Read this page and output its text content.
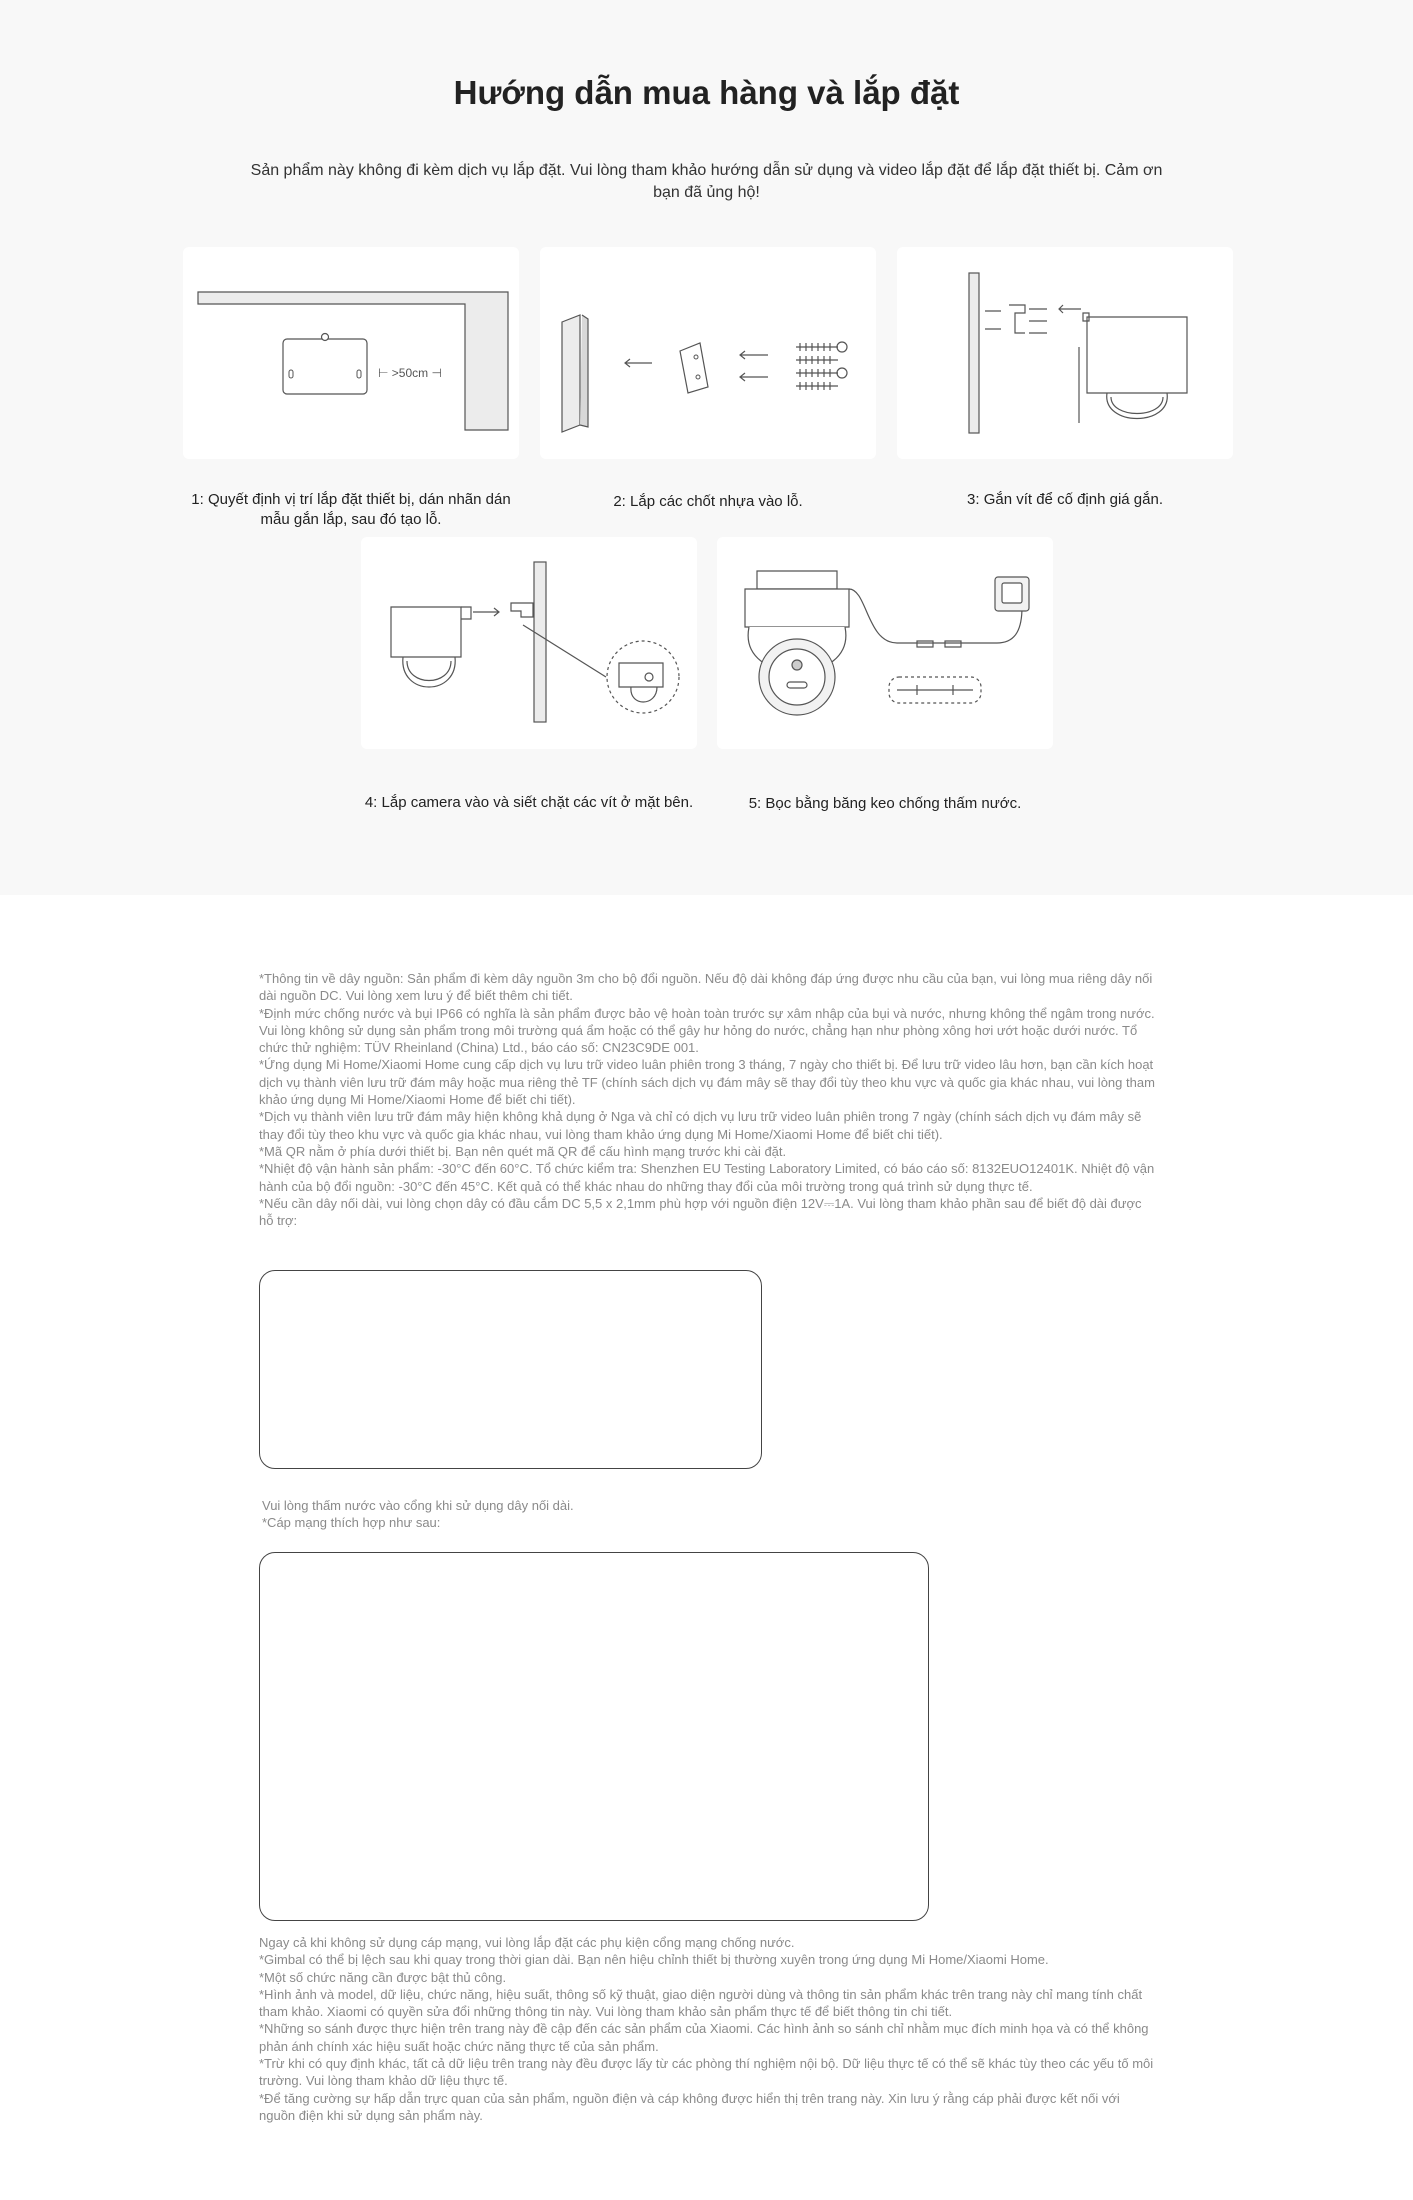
Hướng dẫn mua hàng và lắp đặt

Sản phẩm này không đi kèm dịch vụ lắp đặt. Vui lòng tham khảo hướng dẫn sử dụng và video lắp đặt để lắp đặt thiết bị. Cảm ơn bạn đã ủng hộ!

⊢ >50cm ⊣
1: Quyết định vị trí lắp đặt thiết bị, dán nhãn dán mẫu gắn lắp, sau đó tạo lỗ.
2: Lắp các chốt nhựa vào lỗ.	3: Gắn vít để cố định giá gắn.
4: Lắp camera vào và siết chặt các vít ở mặt bên.	5: Bọc bằng băng keo chống thấm nước.

*Thông tin về dây nguồn: Sản phẩm đi kèm dây nguồn 3m cho bộ đổi nguồn. Nếu độ dài không đáp ứng được nhu cầu của bạn, vui lòng mua riêng dây nối dài nguồn DC. Vui lòng xem lưu ý để biết thêm chi tiết.

*Định mức chống nước và bụi IP66 có nghĩa là sản phẩm được bảo vệ hoàn toàn trước sự xâm nhập của bụi và nước, nhưng không thể ngâm trong nước. Vui lòng không sử dụng sản phẩm trong môi trường quá ẩm hoặc có thể gây hư hỏng do nước, chẳng hạn như phòng xông hơi ướt hoặc dưới nước. Tổ chức thử nghiệm: TÜV Rheinland (China) Ltd., báo cáo số: CN23C9DE 001.

*Ứng dụng Mi Home/Xiaomi Home cung cấp dịch vụ lưu trữ video luân phiên trong 3 tháng, 7 ngày cho thiết bị. Để lưu trữ video lâu hơn, bạn cần kích hoạt dịch vụ thành viên lưu trữ đám mây hoặc mua riêng thẻ TF (chính sách dịch vụ đám mây sẽ thay đổi tùy theo khu vực và quốc gia khác nhau, vui lòng tham khảo ứng dụng Mi Home/Xiaomi Home để biết chi tiết).

*Dịch vụ thành viên lưu trữ đám mây hiện không khả dụng ở Nga và chỉ có dịch vụ lưu trữ video luân phiên trong 7 ngày (chính sách dịch vụ đám mây sẽ thay đổi tùy theo khu vực và quốc gia khác nhau, vui lòng tham khảo ứng dụng Mi Home/Xiaomi Home để biết chi tiết).

*Mã QR nằm ở phía dưới thiết bị. Bạn nên quét mã QR để cấu hình mạng trước khi cài đặt.

*Nhiệt độ vận hành sản phẩm: -30°C đến 60°C. Tổ chức kiểm tra: Shenzhen EU Testing Laboratory Limited, có báo cáo số: 8132EUO12401K. Nhiệt độ vận hành của bộ đổi nguồn: -30°C đến 45°C. Kết quả có thể khác nhau do những thay đổi của môi trường trong quá trình sử dụng thực tế.

*Nếu cần dây nối dài, vui lòng chọn dây có đầu cắm DC 5,5 x 2,1mm phù hợp với nguồn điện 12V⎓1A. Vui lòng tham khảo phần sau để biết độ dài được hỗ trợ:

Vui lòng thấm nước vào cổng khi sử dụng dây nối dài.

*Cáp mạng thích hợp như sau:

Ngay cả khi không sử dụng cáp mạng, vui lòng lắp đặt các phụ kiện cổng mạng chống nước.

*Gimbal có thể bị lệch sau khi quay trong thời gian dài. Bạn nên hiệu chỉnh thiết bị thường xuyên trong ứng dụng Mi Home/Xiaomi Home.

*Một số chức năng cần được bật thủ công.

*Hình ảnh và model, dữ liệu, chức năng, hiệu suất, thông số kỹ thuật, giao diện người dùng và thông tin sản phẩm khác trên trang này chỉ mang tính chất tham khảo. Xiaomi có quyền sửa đổi những thông tin này. Vui lòng tham khảo sản phẩm thực tế để biết thông tin chi tiết.

*Những so sánh được thực hiện trên trang này đề cập đến các sản phẩm của Xiaomi. Các hình ảnh so sánh chỉ nhằm mục đích minh họa và có thể không phản ánh chính xác hiệu suất hoặc chức năng thực tế của sản phẩm.

*Trừ khi có quy định khác, tất cả dữ liệu trên trang này đều được lấy từ các phòng thí nghiệm nội bộ. Dữ liệu thực tế có thể sẽ khác tùy theo các yếu tố môi trường. Vui lòng tham khảo dữ liệu thực tế.

*Để tăng cường sự hấp dẫn trực quan của sản phẩm, nguồn điện và cáp không được hiển thị trên trang này. Xin lưu ý rằng cáp phải được kết nối với nguồn điện khi sử dụng sản phẩm này.
